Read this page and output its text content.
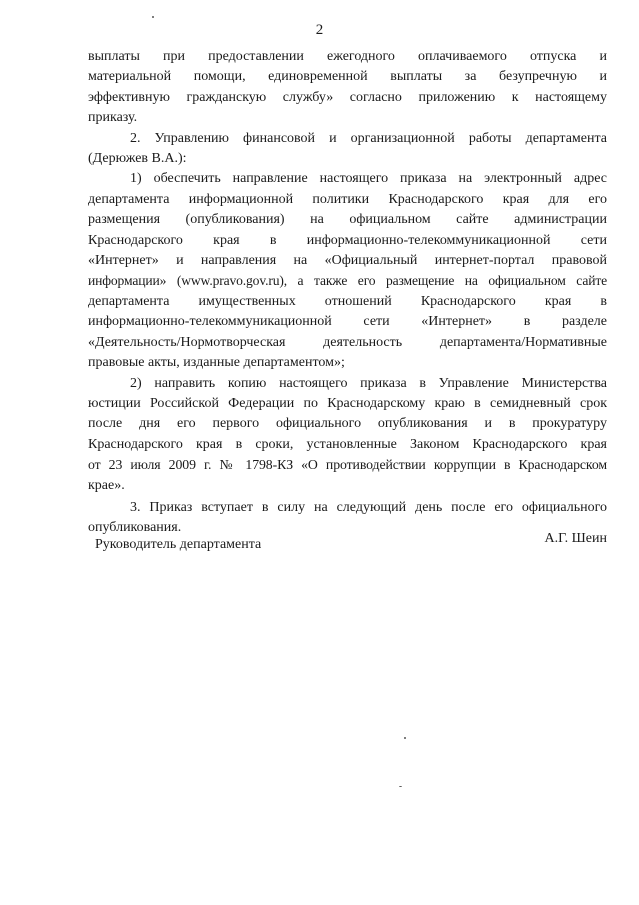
2
выплаты при предоставлении ежегодного оплачиваемого отпуска и
материальной помощи, единовременной выплаты за безупречную и
эффективную гражданскую службу» согласно приложению к настоящему
приказу.
2. Управлению финансовой и организационной работы департамента
(Дерюжев В.А.):
1) обеспечить направление настоящего приказа на электронный адрес
департамента информационной политики Краснодарского края для его
размещения (опубликования) на официальном сайте администрации
Краснодарского края в информационно-телекоммуникационной сети
«Интернет» и направления на «Официальный интернет-портал правовой
информации» (www.pravo.gov.ru), а также его размещение на официальном сайте
департамента имущественных отношений Краснодарского края в
информационно-телекоммуникационной сети «Интернет» в разделе
«Деятельность/Нормотворческая деятельность департамента/Нормативные
правовые акты, изданные департаментом»;
2) направить копию настоящего приказа в Управление Министерства
юстиции Российской Федерации по Краснодарскому краю в семидневный срок
после дня его первого официального опубликования и в прокуратуру
Краснодарского края в сроки, установленные Законом Краснодарского края
от 23 июля 2009 г. № 1798-КЗ «О противодействии коррупции в Краснодарском
крае».
3. Приказ вступает в силу на следующий день после его официального
опубликования.
Руководитель департамента	А.Г. Шеин
